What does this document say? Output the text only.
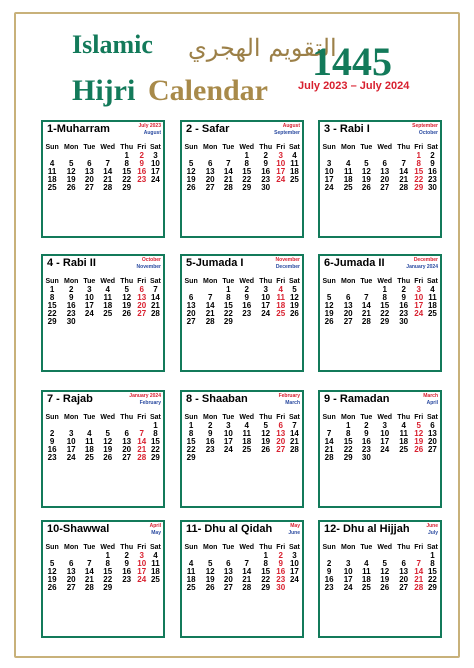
Islamic
Hijri Calendar
التقويم الهجري
1445
July 2023 – July 2024
1-Muharram	July 2023
August
Sun	Mon	Tue	Wed	Thu	Fri	Sat
				1	2	3
4	5	6	7	8	9	10
11	12	13	14	15	16	17
18	19	20	21	22	23	24
25	26	27	28	29		
2 - Safar	August
September
Sun	Mon	Tue	Wed	Thu	Fri	Sat
			1	2	3	4
5	6	7	8	9	10	11
12	13	14	15	16	17	18
19	20	21	22	23	24	25
26	27	28	29	30		
3 - Rabi I	September
October
Sun	Mon	Tue	Wed	Thu	Fri	Sat
					1	2
3	4	5	6	7	8	9
10	11	12	13	14	15	16
17	18	19	20	21	22	23
24	25	26	27	28	29	30
4 - Rabi II	October
November
Sun	Mon	Tue	Wed	Thu	Fri	Sat
1	2	3	4	5	6	7
8	9	10	11	12	13	14
15	16	17	18	19	20	21
22	23	24	25	26	27	28
29	30					
5-Jumada I	November
December
Sun	Mon	Tue	Wed	Thu	Fri	Sat
		1	2	3	4	5
6	7	8	9	10	11	12
13	14	15	16	17	18	19
20	21	22	23	24	25	26
27	28	29				
6-Jumada II	December
January 2024
Sun	Mon	Tue	Wed	Thu	Fri	Sat
			1	2	3	4
5	6	7	8	9	10	11
12	13	14	15	16	17	18
19	20	21	22	23	24	25
26	27	28	29	30		
7 - Rajab	January 2024
February
Sun	Mon	Tue	Wed	Thu	Fri	Sat
						1
2	3	4	5	6	7	8
9	10	11	12	13	14	15
16	17	18	19	20	21	22
23	24	25	26	27	28	29
8 - Shaaban	February
March
Sun	Mon	Tue	Wed	Thu	Fri	Sat
1	2	3	4	5	6	7
8	9	10	11	12	13	14
15	16	17	18	19	20	21
22	23	24	25	26	27	28
29						
9 - Ramadan	March
April
Sun	Mon	Tue	Wed	Thu	Fri	Sat
	1	2	3	4	5	6
7	8	9	10	11	12	13
14	15	16	17	18	19	20
21	22	23	24	25	26	27
28	29	30				
10-Shawwal	April
May
Sun	Mon	Tue	Wed	Thu	Fri	Sat
			1	2	3	4
5	6	7	8	9	10	11
12	13	14	15	16	17	18
19	20	21	22	23	24	25
26	27	28	29			
11- Dhu al Qidah	May
June
Sun	Mon	Tue	Wed	Thu	Fri	Sat
				1	2	3
4	5	6	7	8	9	10
11	12	13	14	15	16	17
18	19	20	21	22	23	24
25	26	27	28	29	30	
12- Dhu al Hijjah	June
July
Sun	Mon	Tue	Wed	Thu	Fri	Sat
						1
2	3	4	5	6	7	8
9	10	11	12	13	14	15
16	17	18	19	20	21	22
23	24	25	26	27	28	29
